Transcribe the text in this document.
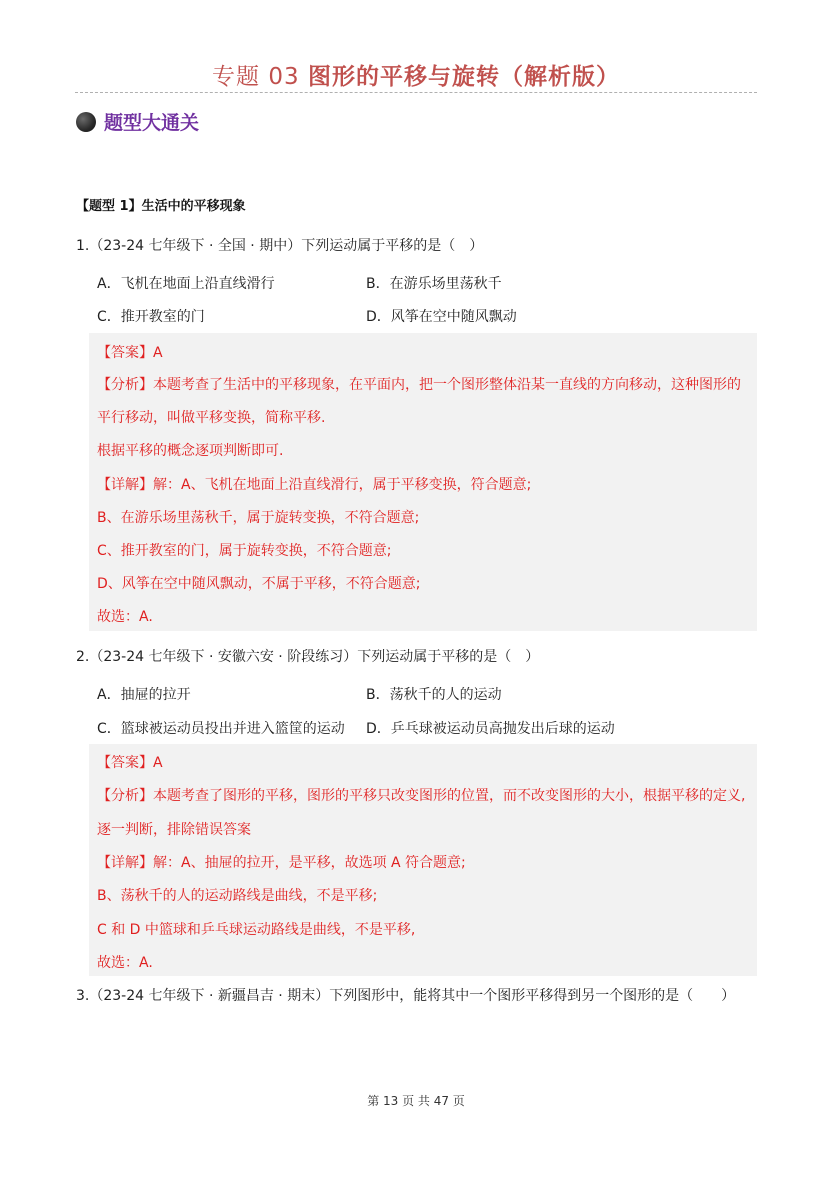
专题 03 图形的平移与旋转（解析版）
题型大通关
【题型 1】生活中的平移现象
1.（23-24 七年级下 · 全国 · 期中）下列运动属于平移的是（　）
A．飞机在地面上沿直线滑行	B．在游乐场里荡秋千
C．推开教室的门	D．风筝在空中随风飘动
【答案】A
【分析】本题考查了生活中的平移现象，在平面内，把一个图形整体沿某一直线的方向移动，这种图形的
平行移动，叫做平移变换，简称平移.
根据平移的概念逐项判断即可.
【详解】解：A、飞机在地面上沿直线滑行，属于平移变换，符合题意;
B、在游乐场里荡秋千，属于旋转变换，不符合题意;
C、推开教室的门，属于旋转变换，不符合题意;
D、风筝在空中随风飘动，不属于平移，不符合题意;
故选：A.
2.（23-24 七年级下 · 安徽六安 · 阶段练习）下列运动属于平移的是（　）
A．抽屉的拉开	B．荡秋千的人的运动
C．篮球被运动员投出并进入篮筐的运动 D．乒乓球被运动员高抛发出后球的运动
【答案】A
【分析】本题考查了图形的平移，图形的平移只改变图形的位置，而不改变图形的大小，根据平移的定义,
逐一判断，排除错误答案
【详解】解：A、抽屉的拉开，是平移，故选项 A 符合题意;
B、荡秋千的人的运动路线是曲线，不是平移;
C 和 D 中篮球和乒乓球运动路线是曲线，不是平移,
故选：A.
3.（23-24 七年级下 · 新疆昌吉 · 期末）下列图形中，能将其中一个图形平移得到另一个图形的是（　　）
第 13 页 共 47 页
